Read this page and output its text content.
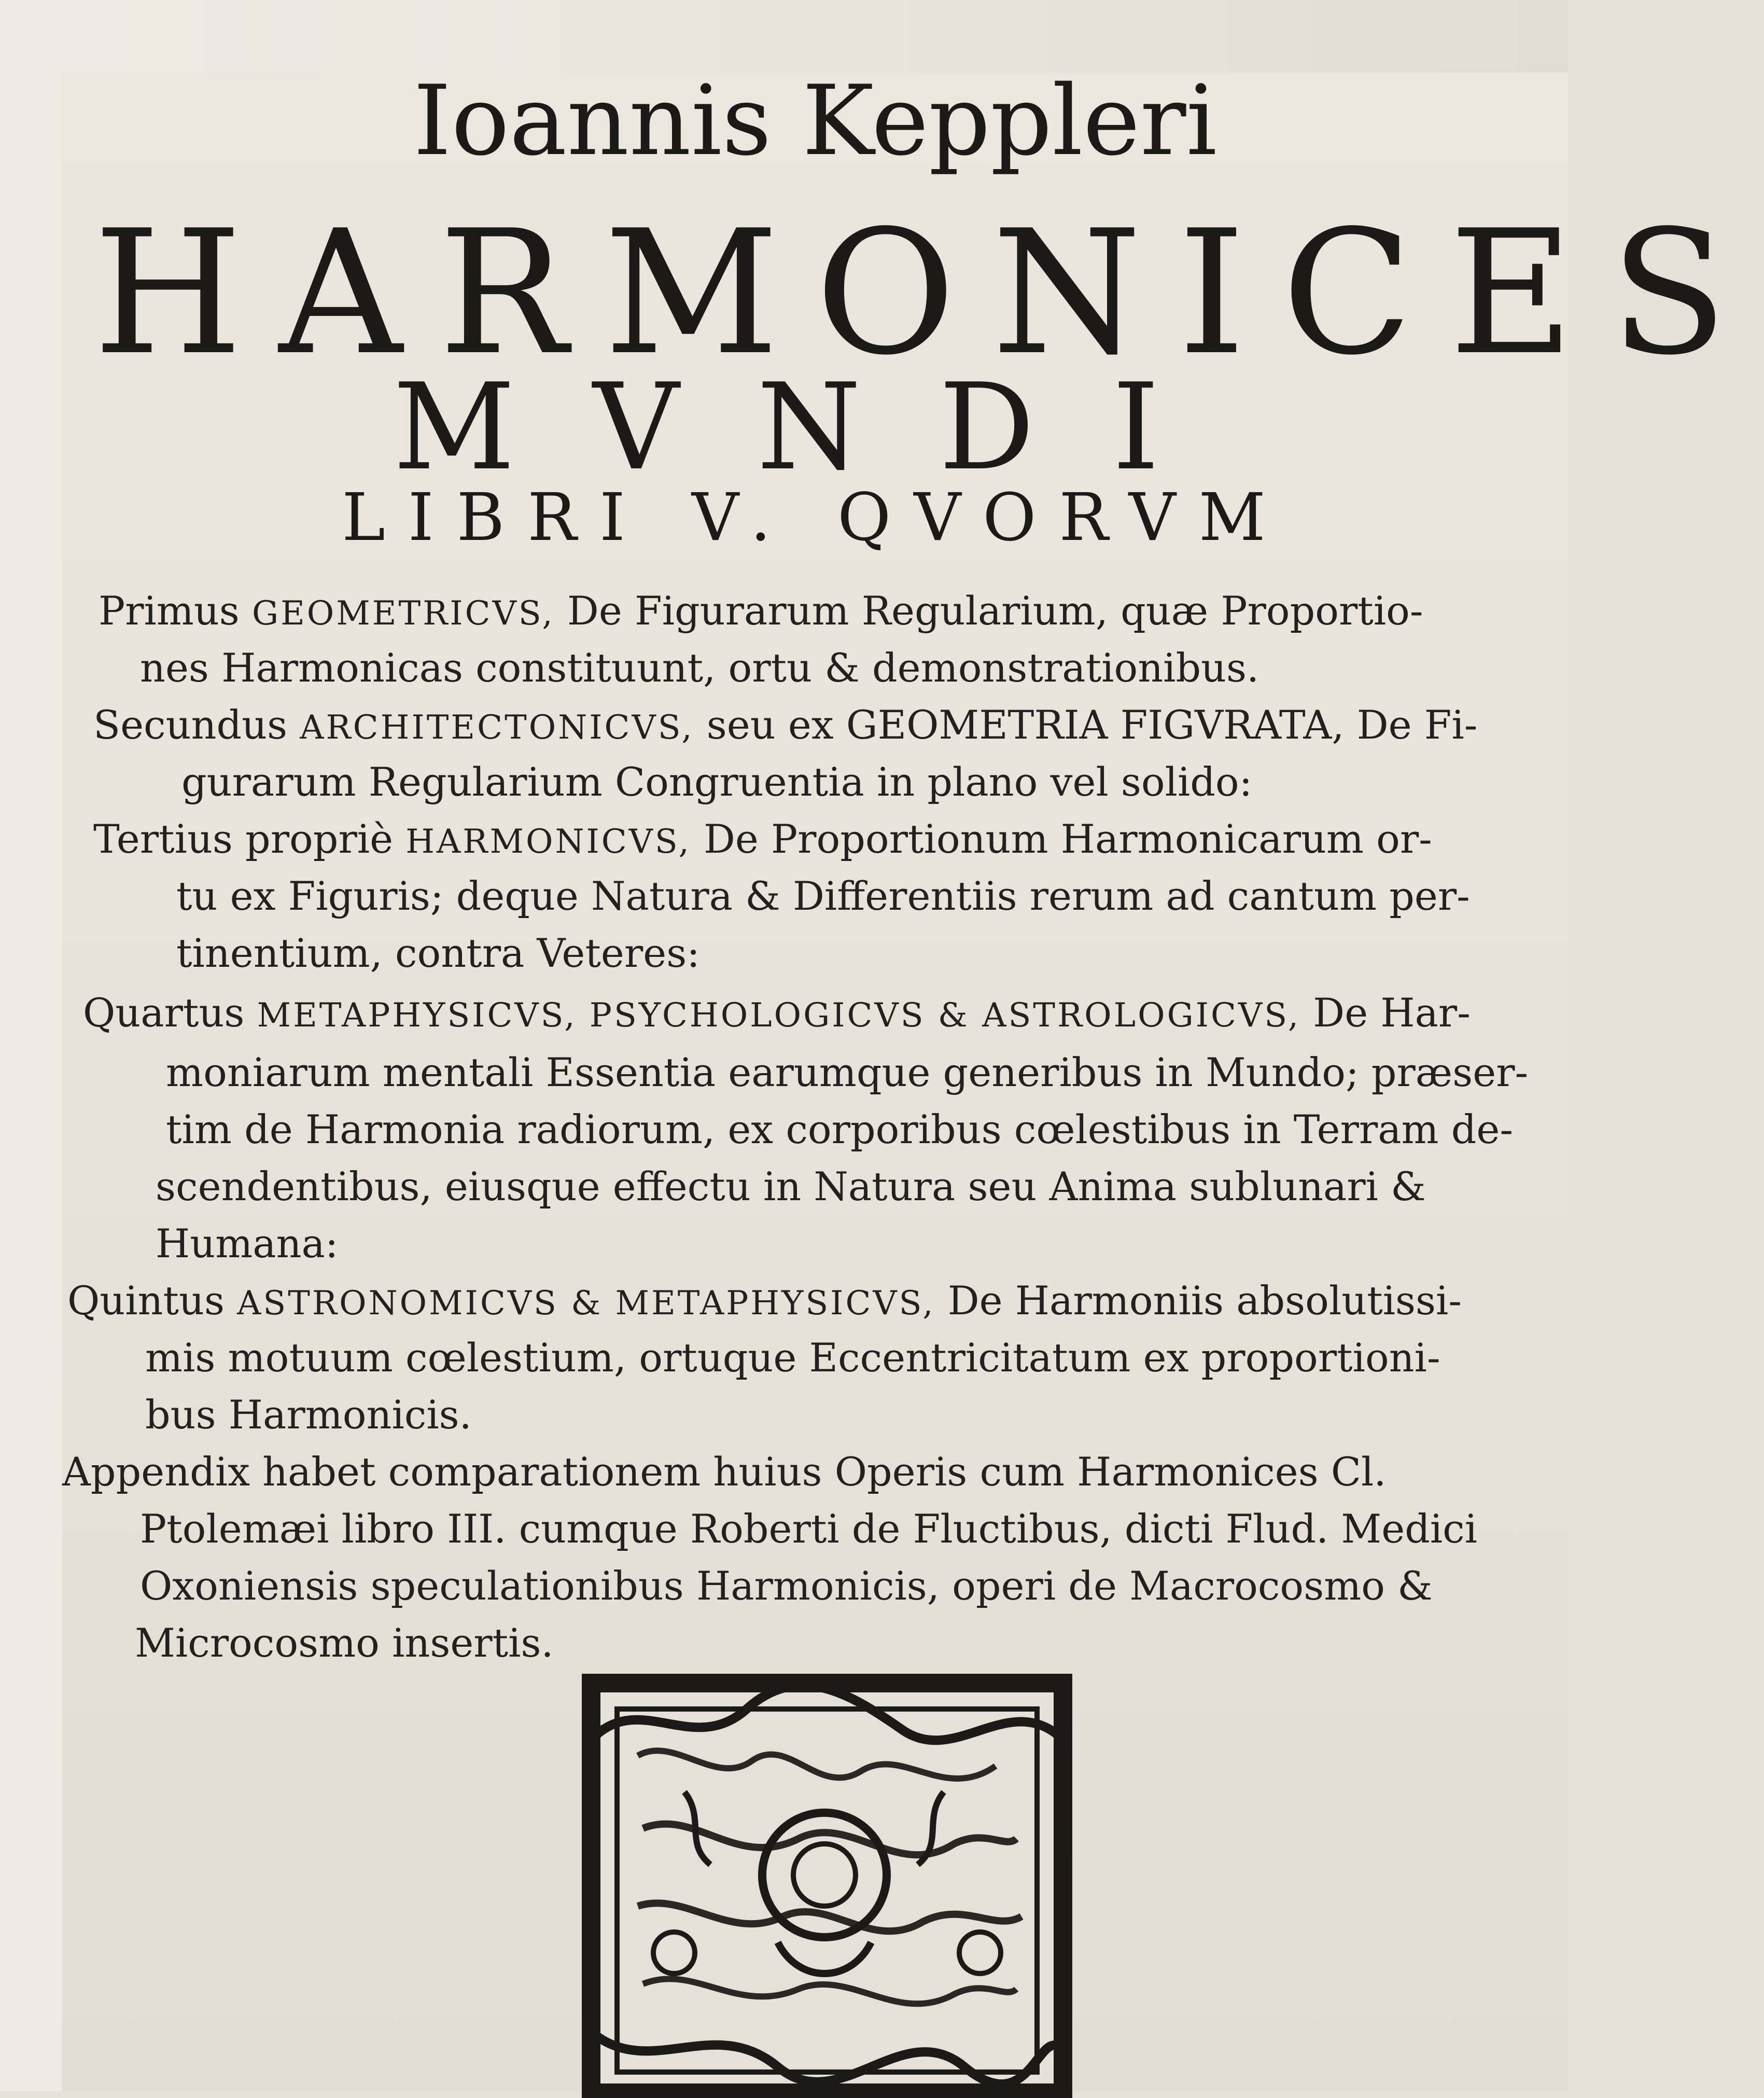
Ioannis Keppleri
HARMONICES
MVNDI
LIBRI V. QVORVM
Primus GEOMETRICVS, De Figurarum Regularium, quæ Proportio-
nes Harmonicas constituunt, ortu & demonstrationibus.
Secundus ARCHITECTONICVS, seu ex GEOMETRIA FIGVRATA, De Fi-
gurarum Regularium Congruentia in plano vel solido:
Tertius propriè HARMONICVS, De Proportionum Harmonicarum or-
tu ex Figuris; deque Natura & Differentiis rerum ad cantum per-
tinentium, contra Veteres:
Quartus METAPHYSICVS, PSYCHOLOGICVS & ASTROLOGICVS, De Har-
moniarum mentali Essentia earumque generibus in Mundo; præser-
tim de Harmonia radiorum, ex corporibus cœlestibus in Terram de-
scendentibus, eiusque effectu in Natura seu Anima sublunari &
Humana:
Quintus ASTRONOMICVS & METAPHYSICVS, De Harmoniis absolutissi-
mis motuum cœlestium, ortuque Eccentricitatum ex proportioni-
bus Harmonicis.
Appendix habet comparationem huius Operis cum Harmonices Cl.
Ptolemæi libro III. cumque Roberti de Fluctibus, dicti Flud. Medici
Oxoniensis speculationibus Harmonicis, operi de Macrocosmo &
Microcosmo insertis.
